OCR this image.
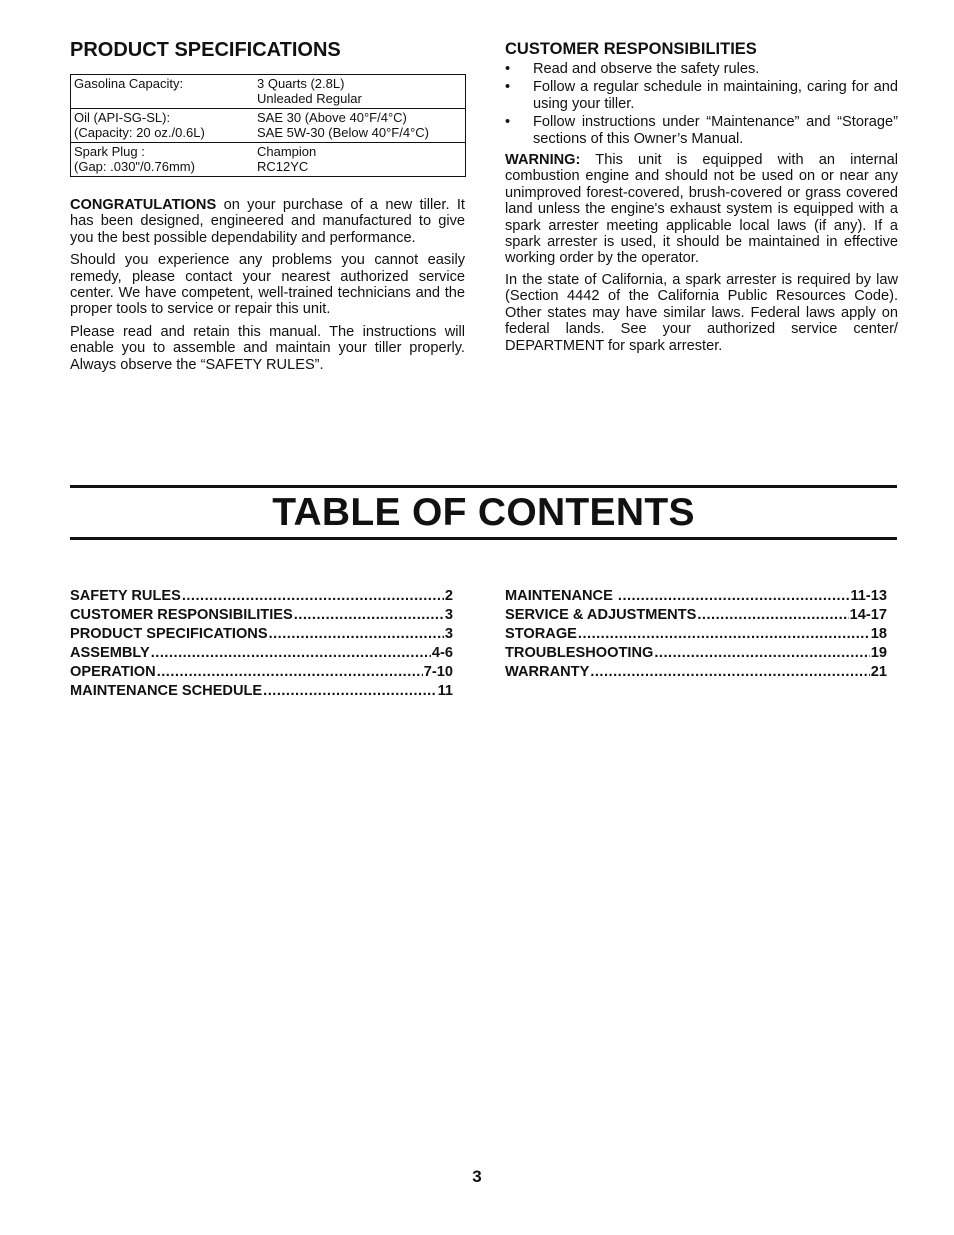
PRODUCT SPECIFICATIONS
Gasolina Capacity:	3 Quarts (2.8L)
Unleaded Regular

Oil (API-SG-SL):
(Capacity: 20 oz./0.6L)	SAE 30 (Above 40°F/4°C)
SAE 5W-30 (Below 40°F/4°C)

Spark Plug :
(Gap: .030"/0.76mm)	Champion
RC12YC

CONGRATULATIONS on your purchase of a new tiller. It has been designed, engineered and manufactured to give you the best possible dependability and performance.

Should you experience any problems you cannot easily remedy, please contact your nearest authorized service center. We have competent, well-trained technicians and the proper tools to service or repair this unit.

Please read and retain this manual. The instructions will enable you to assemble and maintain your tiller properly. Always observe the “SAFETY RULES”.

CUSTOMER RESPONSIBILITIES
• Read and observe the safety rules.
• Follow a regular schedule in maintaining, caring for and using your tiller.
• Follow instructions under “Maintenance” and “Storage” sections of this Owner’s Manual.

WARNING: This unit is equipped with an internal combustion engine and should not be used on or near any unimproved forest-covered, brush-covered or grass covered land unless the engine's exhaust system is equipped with a spark arrester meeting applicable local laws (if any). If a spark arrester is used, it should be maintained in effective working order by the operator.

In the state of California, a spark arrester is required by law (Section 4442 of the California Public Resources Code). Other states may have similar laws. Federal laws apply on federal lands. See your authorized service center/ DEPARTMENT for spark arrester.

TABLE OF CONTENTS
SAFETY RULES .....	2
CUSTOMER RESPONSIBILITIES .....	3
PRODUCT SPECIFICATIONS .....	3
ASSEMBLY .....	4-6
OPERATION .....	7-10
MAINTENANCE SCHEDULE .....	11
MAINTENANCE .....	11-13
SERVICE & ADJUSTMENTS .....	14-17
STORAGE .....	18
TROUBLESHOOTING .....	19
WARRANTY .....	21
3
